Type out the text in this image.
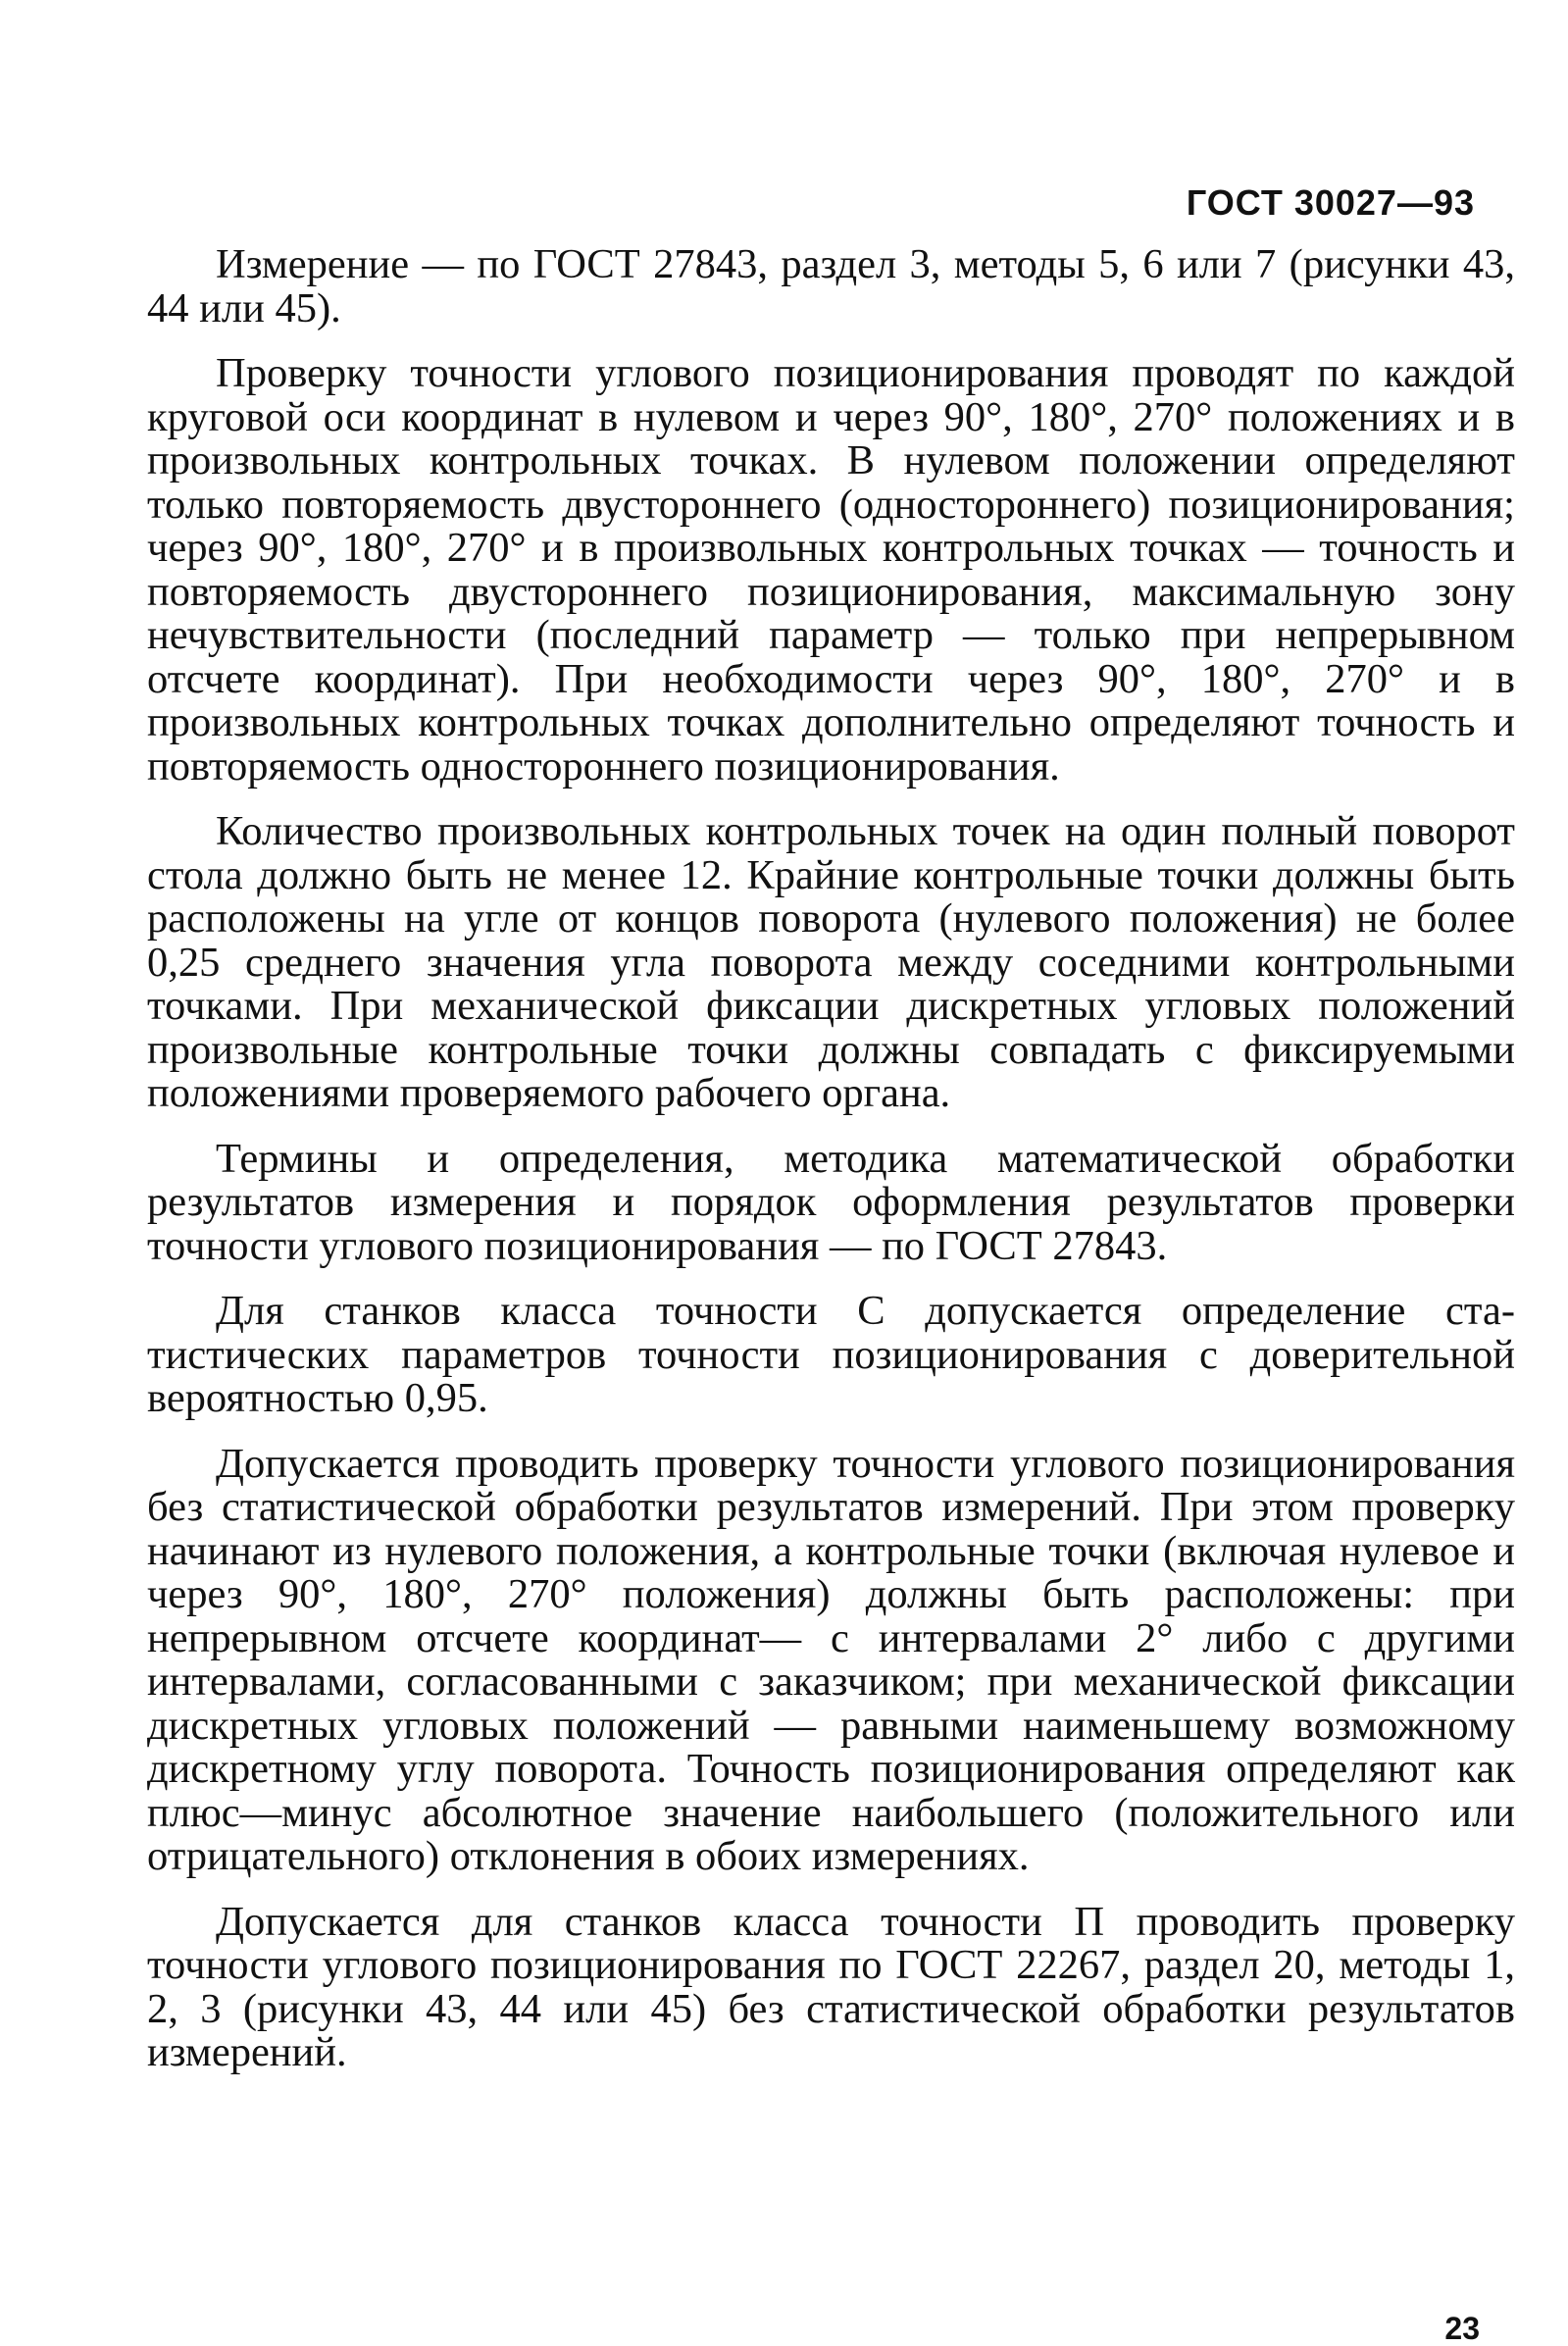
ГОСТ 30027—93

Измерение — по ГОСТ 27843, раздел 3, методы 5, 6 или 7 (рисунки 43, 44 или 45).

Проверку точности углового позиционирования проводят по каждой круговой оси координат в нулевом и через 90°, 180°, 270° положениях и в произвольных контрольных точках. В нулевом положении определяют только повторяемость двустороннего (одностороннего) позиционирования; через 90°, 180°, 270° и в произвольных контрольных точках — точность и повторяемость двустороннего позиционирования, максимальную зону нечувствительности (последний параметр — только при непрерывном отсчете координат). При необходимости через 90°, 180°, 270° и в произвольных контрольных точках дополнительно определяют точность и повторяемость одностороннего позиционирования.

Количество произвольных контрольных точек на один полный поворот стола должно быть не менее 12. Крайние контрольные точки должны быть расположены на угле от концов поворота (нулевого положения) не более 0,25 среднего значения угла поворота между соседними контрольными точками. При механической фиксации дискретных угловых положений произвольные контрольные точки должны совпадать с фиксируемыми положениями проверяемого рабочего органа.

Термины и определения, методика математической обработки результатов измерения и порядок оформления результатов проверки точности углового позиционирования — по ГОСТ 27843.

Для станков класса точности С допускается определение статистических параметров точности позиционирования с доверительной вероятностью 0,95.

Допускается проводить проверку точности углового позиционирования без статистической обработки результатов измерений. При этом проверку начинают из нулевого положения, а контрольные точки (включая нулевое и через 90°, 180°, 270° положения) должны быть расположены: при непрерывном отсчете координат— с интервалами 2° либо с другими интервалами, согласованными с заказчиком; при механической фиксации дискретных угловых положений — равными наименьшему возможному дискретному углу поворота. Точность позиционирования определяют как плюс—минус абсолютное значение наибольшего (положительного или отрицательного) отклонения в обоих измерениях.

Допускается для станков класса точности П проводить проверку точности углового позиционирования по ГОСТ 22267, раздел 20, методы 1, 2, 3 (рисунки 43, 44 или 45) без статистической обработки результатов измерений.

23
